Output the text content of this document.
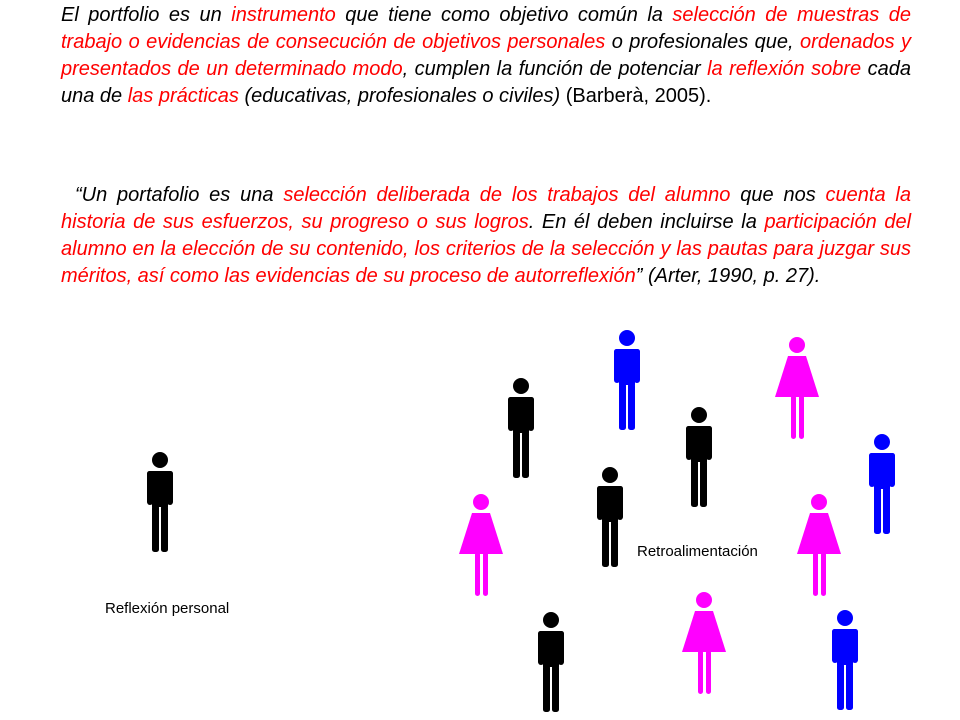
El portfolio es un instrumento que tiene como objetivo común la selección de muestras de trabajo o evidencias de consecución de objetivos personales o profesionales que, ordenados y presentados de un determinado modo, cumplen la función de potenciar la reflexión sobre cada una de las prácticas (educativas, profesionales o civiles) (Barberà, 2005).

“Un portafolio es una selección deliberada de los trabajos del alumno que nos cuenta la historia de sus esfuerzos, su progreso o sus logros. En él deben incluirse la participación del alumno en la elección de su contenido, los criterios de la selección y las pautas para juzgar sus méritos, así como las evidencias de su proceso de autorreflexión” (Arter, 1990, p. 27).

Reflexión personal
Retroalimentación
